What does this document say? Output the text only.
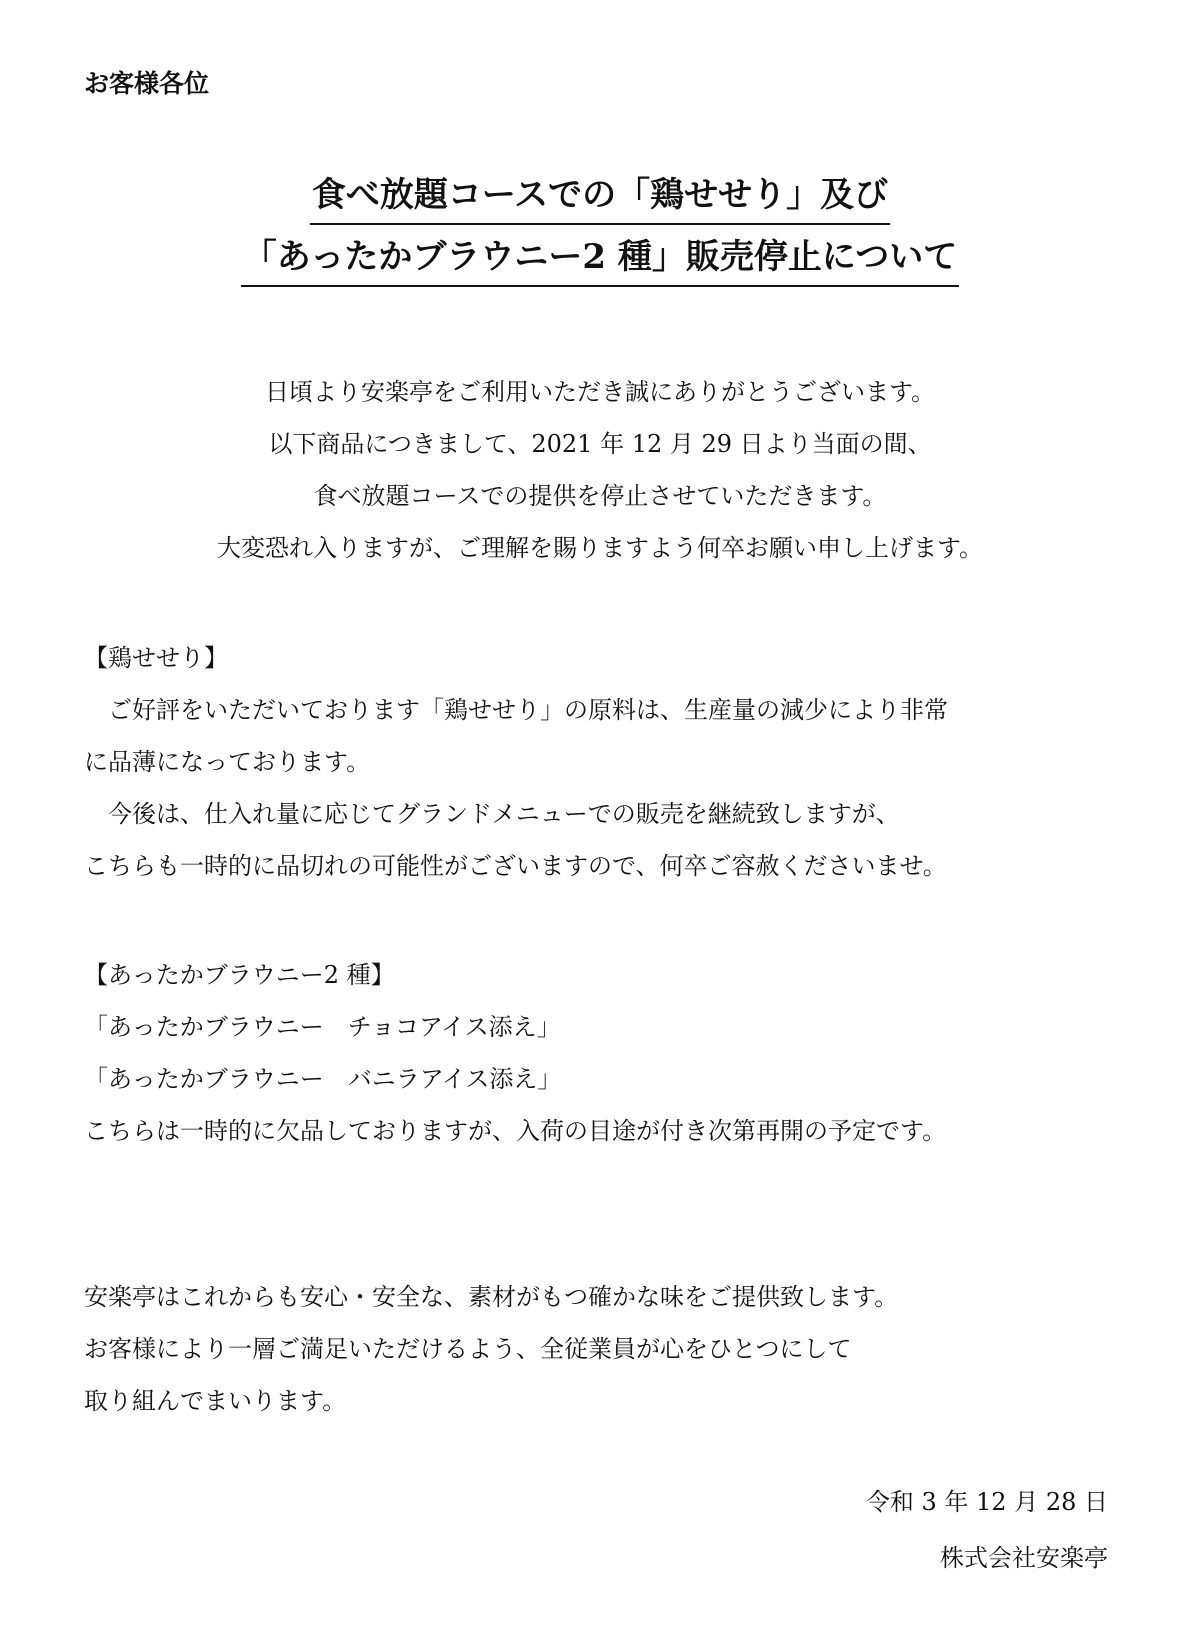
お客様各位
食べ放題コースでの「鶏せせり」及び
「あったかブラウニー2 種」販売停止について
日頃より安楽亭をご利用いただき誠にありがとうございます。
以下商品につきまして、2021 年 12 月 29 日より当面の間、
食べ放題コースでの提供を停止させていただきます。
大変恐れ入りますが、ご理解を賜りますよう何卒お願い申し上げます。
【鶏せせり】
　ご好評をいただいております「鶏せせり」の原料は、生産量の減少により非常
に品薄になっております。
　今後は、仕入れ量に応じてグランドメニューでの販売を継続致しますが、
こちらも一時的に品切れの可能性がございますので、何卒ご容赦くださいませ。
【あったかブラウニー2 種】
「あったかブラウニー　チョコアイス添え」
「あったかブラウニー　バニラアイス添え」
こちらは一時的に欠品しておりますが、入荷の目途が付き次第再開の予定です。
安楽亭はこれからも安心・安全な、素材がもつ確かな味をご提供致します。
お客様により一層ご満足いただけるよう、全従業員が心をひとつにして
取り組んでまいります。
令和 3 年 12 月 28 日
株式会社安楽亭
